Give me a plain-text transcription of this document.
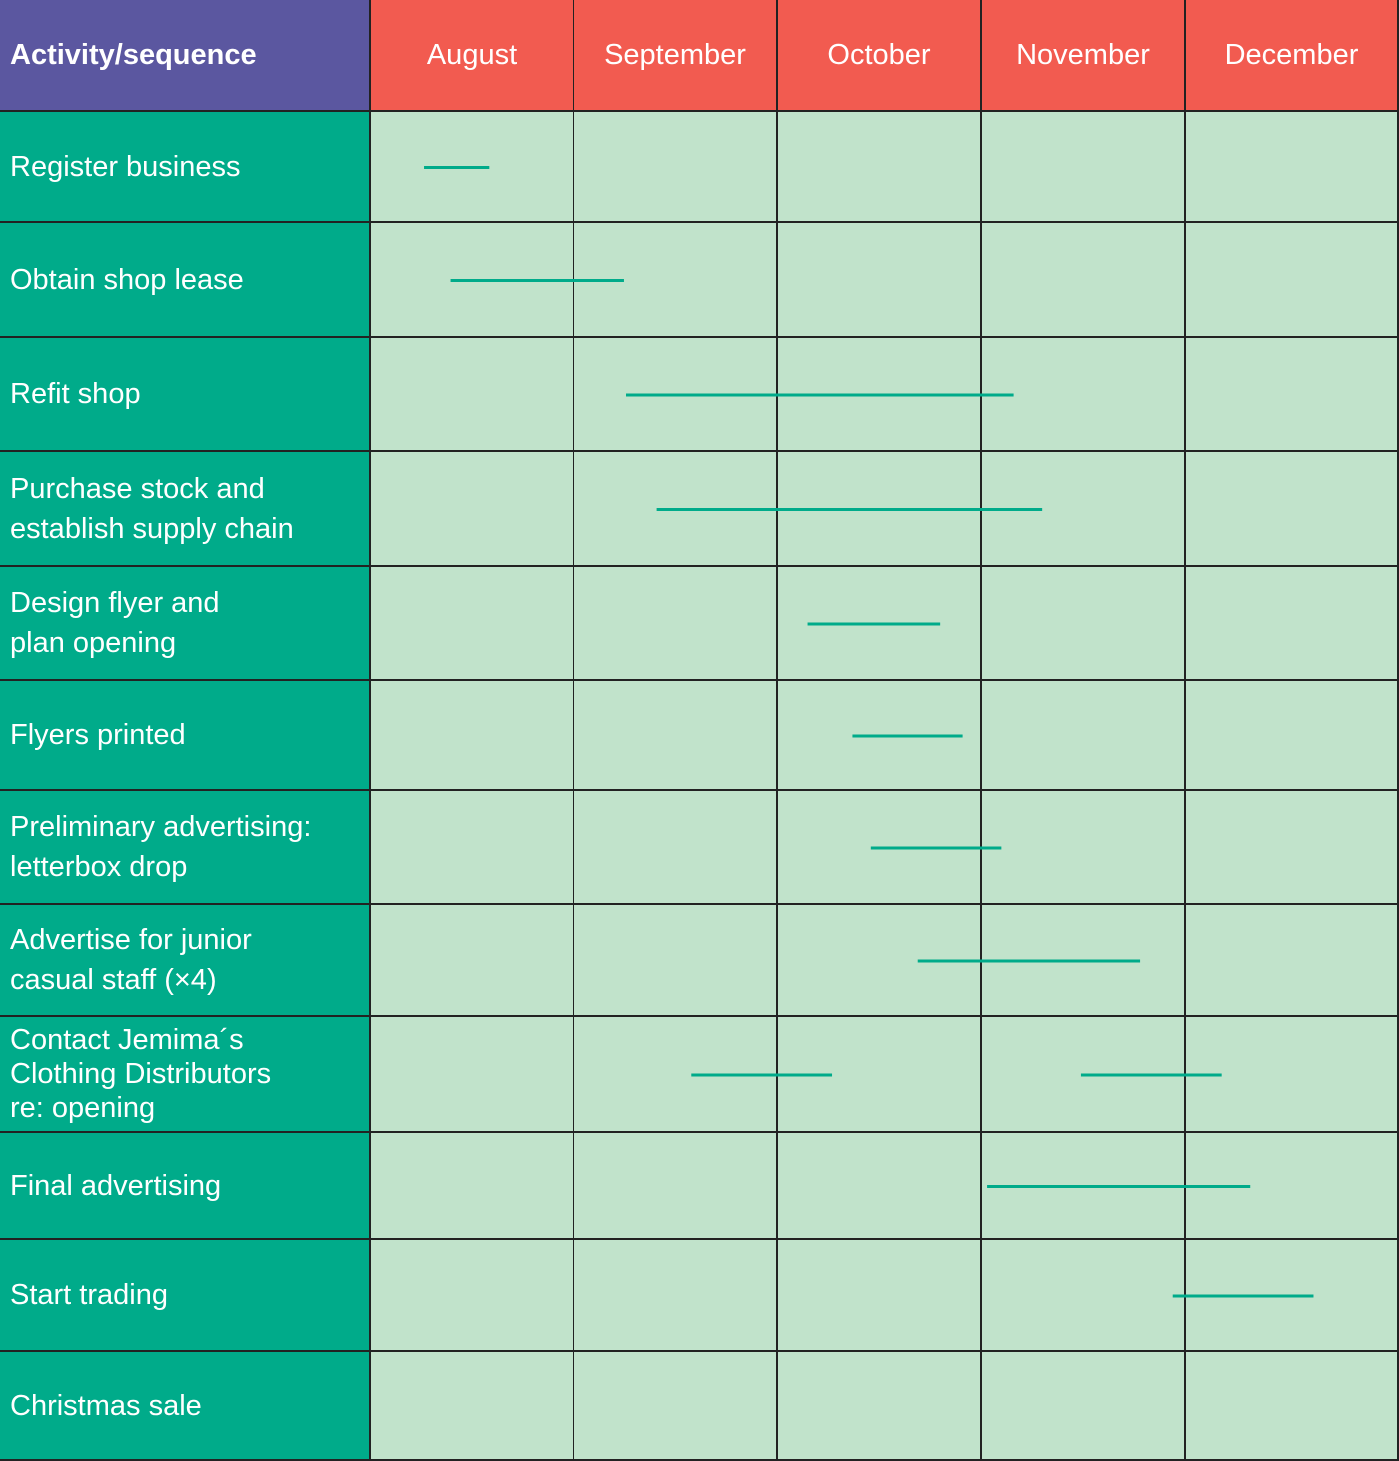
Activity/sequence	August	September	October	November	December
Register business
Obtain shop lease
Refit shop
Purchase stock and
establish supply chain
Design flyer and
plan opening
Flyers printed
Preliminary advertising:
letterbox drop
Advertise for junior
casual staff (×4)
Contact Jemima´s
Clothing Distributors
re: opening
Final advertising
Start trading
Christmas sale
